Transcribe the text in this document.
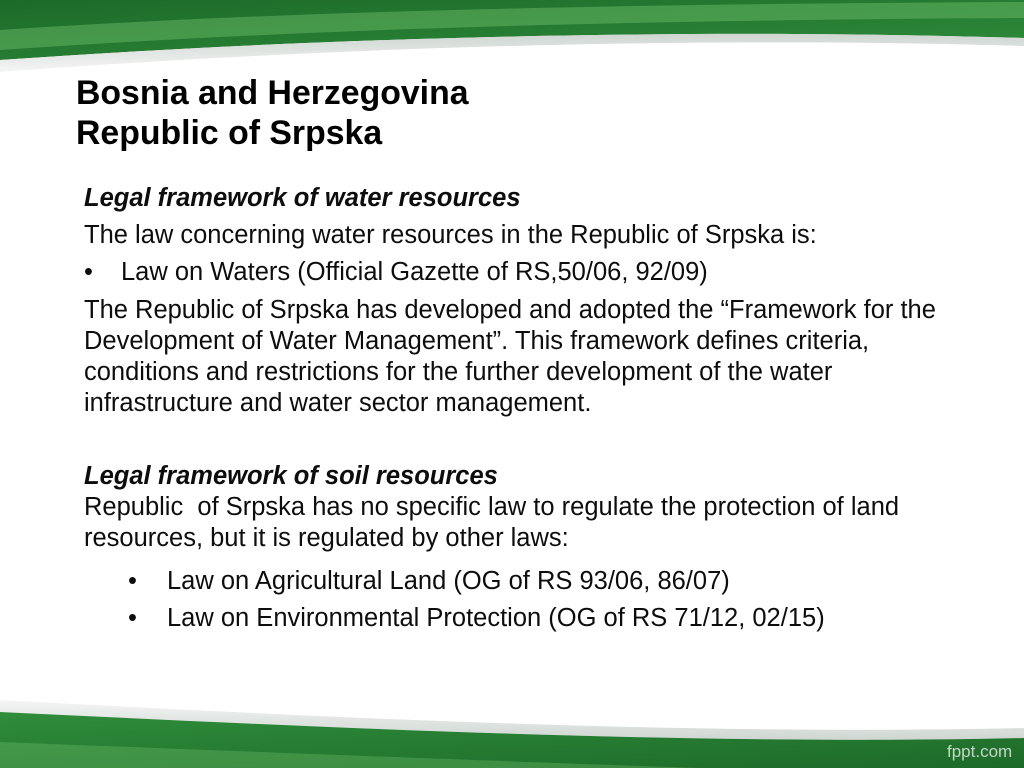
Bosnia and Herzegovina
Republic of Srpska
Legal framework of water resources
The law concerning water resources in the Republic of Srpska is:
• Law on Waters (Official Gazette of RS,50/06, 92/09)
The Republic of Srpska has developed and adopted the “Framework for the Development of Water Management”. This framework defines criteria, conditions and restrictions for the further development of the water infrastructure and water sector management.
Legal framework of soil resources
Republic  of Srpska has no specific law to regulate the protection of land resources, but it is regulated by other laws:
• Law on Agricultural Land (OG of RS 93/06, 86/07)
• Law on Environmental Protection (OG of RS 71/12, 02/15)
fppt.com
